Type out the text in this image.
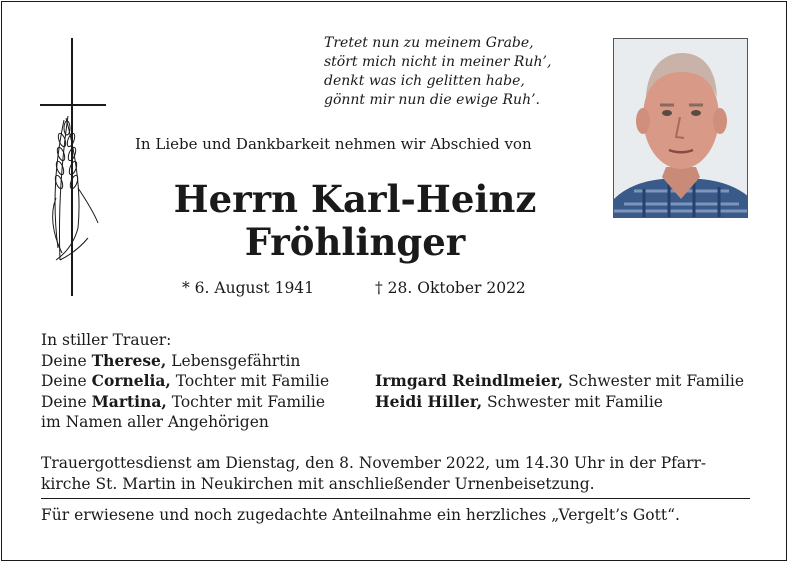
Tretet nun zu meinem Grabe,
stört mich nicht in meiner Ruh’,
denkt was ich gelitten habe,
gönnt mir nun die ewige Ruh’.
In Liebe und Dankbarkeit nehmen wir Abschied von
Herrn Karl-Heinz
Fröhlinger
* 6. August 1941	† 28. Oktober 2022
In stiller Trauer:
Deine Therese, Lebensgefährtin
Deine Cornelia, Tochter mit Familie
Deine Martina, Tochter mit Familie
im Namen aller Angehörigen
Irmgard Reindlmeier, Schwester mit Familie
Heidi Hiller, Schwester mit Familie
Trauergottesdienst am Dienstag, den 8. November 2022, um 14.30 Uhr in der Pfarr-kirche St. Martin in Neukirchen mit anschließender Urnenbeisetzung.
Für erwiesene und noch zugedachte Anteilnahme ein herzliches „Vergelt’s Gott“.
